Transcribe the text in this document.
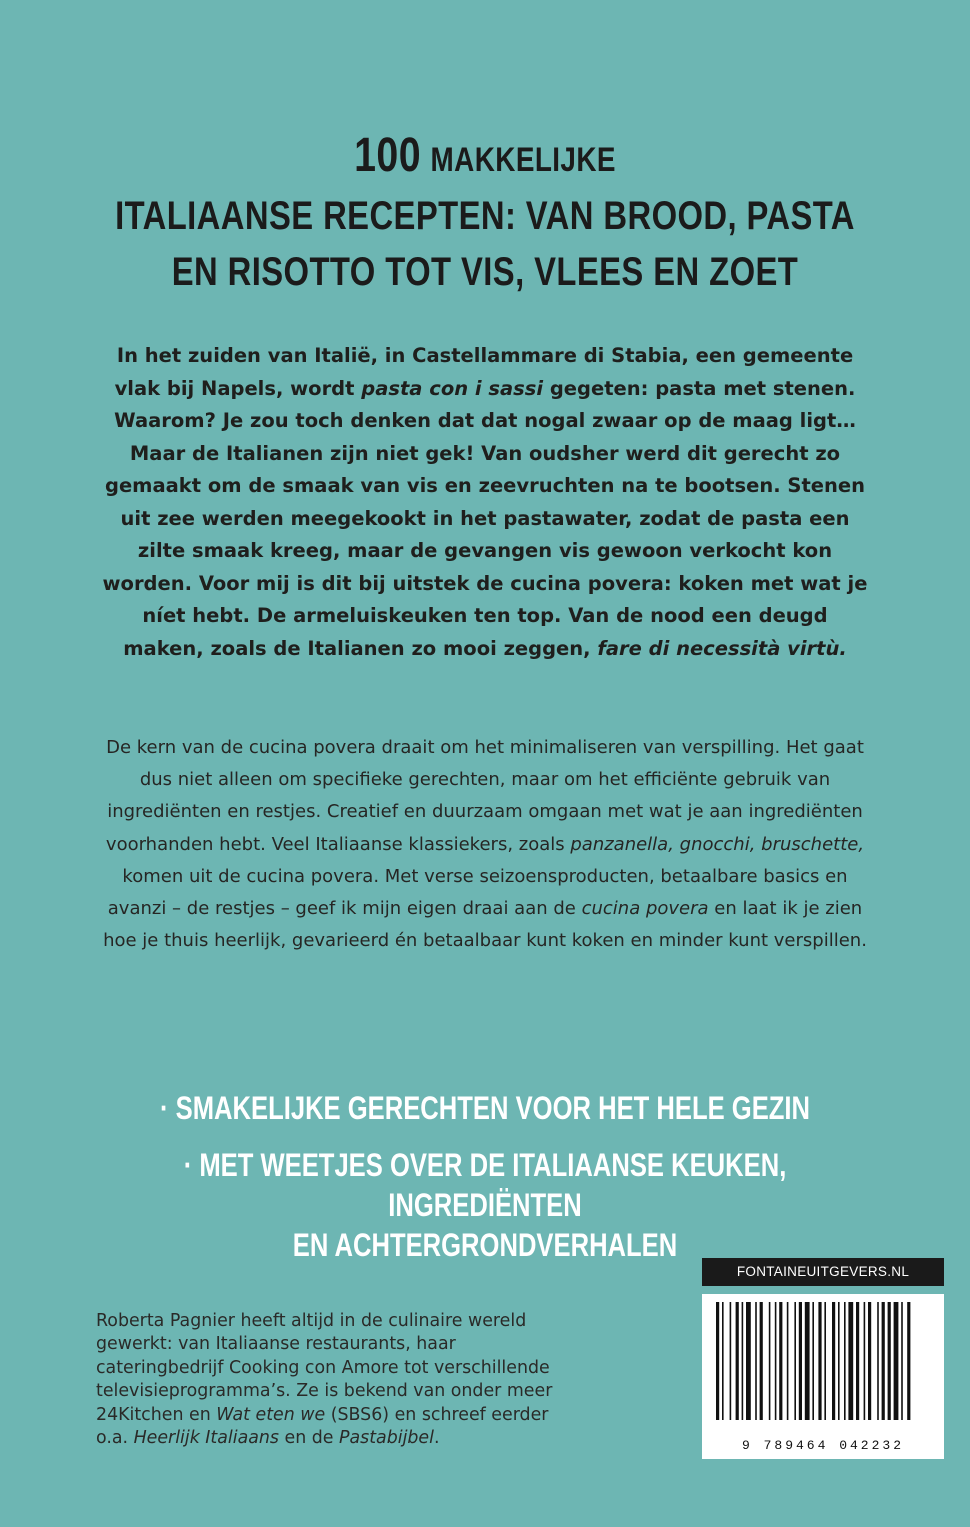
100 MAKKELIJKE
ITALIAANSE RECEPTEN: VAN BROOD, PASTA
EN RISOTTO TOT VIS, VLEES EN ZOET
In het zuiden van Italië, in Castellammare di Stabia, een gemeente vlak bij Napels, wordt pasta con i sassi gegeten: pasta met stenen. Waarom? Je zou toch denken dat dat nogal zwaar op de maag ligt… Maar de Italianen zijn niet gek! Van oudsher werd dit gerecht zo gemaakt om de smaak van vis en zeevruchten na te bootsen. Stenen uit zee werden meegekookt in het pastawater, zodat de pasta een zilte smaak kreeg, maar de gevangen vis gewoon verkocht kon worden. Voor mij is dit bij uitstek de cucina povera: koken met wat je níet hebt. De armeluiskeuken ten top. Van de nood een deugd maken, zoals de Italianen zo mooi zeggen, fare di necessità virtù.
De kern van de cucina povera draait om het minimaliseren van verspilling. Het gaat dus niet alleen om specifieke gerechten, maar om het efficiënte gebruik van ingrediënten en restjes. Creatief en duurzaam omgaan met wat je aan ingrediënten voorhanden hebt. Veel Italiaanse klassiekers, zoals panzanella, gnocchi, bruschette, komen uit de cucina povera. Met verse seizoensproducten, betaalbare basics en avanzi – de restjes – geef ik mijn eigen draai aan de cucina povera en laat ik je zien hoe je thuis heerlijk, gevarieerd én betaalbaar kunt koken en minder kunt verspillen.
· SMAKELIJKE GERECHTEN VOOR HET HELE GEZIN
· MET WEETJES OVER DE ITALIAANSE KEUKEN, INGREDIËNTEN
EN ACHTERGRONDVERHALEN
Roberta Pagnier heeft altijd in de culinaire wereld gewerkt: van Italiaanse restaurants, haar cateringbedrijf Cooking con Amore tot verschillende televisieprogramma’s. Ze is bekend van onder meer 24Kitchen en Wat eten we (SBS6) en schreef eerder o.a. Heerlijk Italiaans en de Pastabijbel.
FONTAINEUITGEVERS.NL
9 789464 042232
